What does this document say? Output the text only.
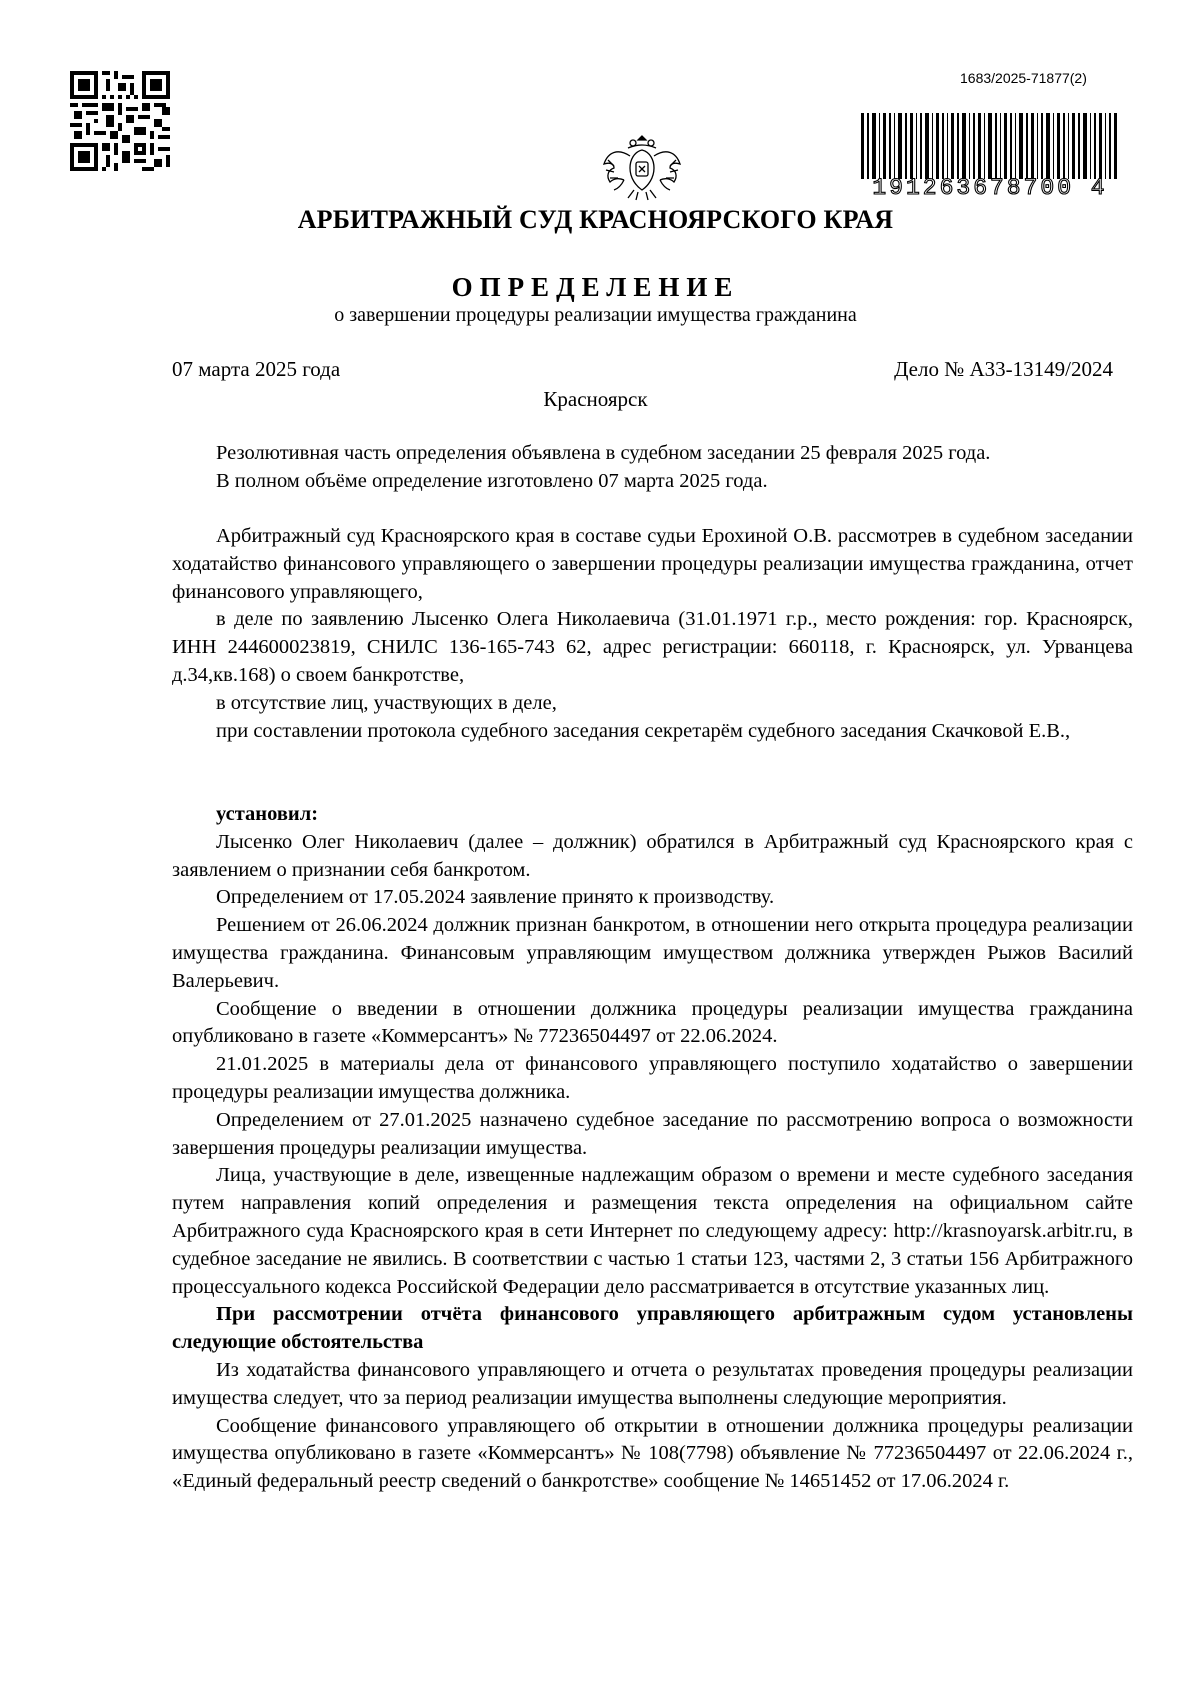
1683/2025-71877(2)
191263678700 4
АРБИТРАЖНЫЙ СУД КРАСНОЯРСКОГО КРАЯ
ОПРЕДЕЛЕНИЕ
о завершении процедуры реализации имущества гражданина
07 марта 2025 года	Дело № А33-13149/2024
Красноярск

Резолютивная часть определения объявлена в судебном заседании 25 февраля 2025 года.

В полном объёме определение изготовлено 07 марта 2025 года.

Арбитражный суд Красноярского края в составе судьи Ерохиной О.В. рассмотрев в судебном заседании ходатайство финансового управляющего о завершении процедуры реализации имущества гражданина, отчет финансового управляющего,

в деле по заявлению Лысенко Олега Николаевича (31.01.1971 г.р., место рождения: гор. Красноярск, ИНН 244600023819, СНИЛС 136-165-743 62, адрес регистрации: 660118, г. Красноярск, ул. Урванцева д.34,кв.168) о своем банкротстве,

в отсутствие лиц, участвующих в деле,

при составлении протокола судебного заседания секретарём судебного заседания Скачковой Е.В.,

установил:

Лысенко Олег Николаевич (далее – должник) обратился в Арбитражный суд Красноярского края с заявлением о признании себя банкротом.

Определением от 17.05.2024 заявление принято к производству.

Решением от 26.06.2024 должник признан банкротом, в отношении него открыта процедура реализации имущества гражданина. Финансовым управляющим имуществом должника утвержден Рыжов Василий Валерьевич.

Сообщение о введении в отношении должника процедуры реализации имущества гражданина опубликовано в газете «Коммерсантъ» № 77236504497 от 22.06.2024.

21.01.2025 в материалы дела от финансового управляющего поступило ходатайство о завершении процедуры реализации имущества должника.

Определением от 27.01.2025 назначено судебное заседание по рассмотрению вопроса о возможности завершения процедуры реализации имущества.

Лица, участвующие в деле, извещенные надлежащим образом о времени и месте судебного заседания путем направления копий определения и размещения текста определения на официальном сайте Арбитражного суда Красноярского края в сети Интернет по следующему адресу: http://krasnoyarsk.arbitr.ru, в судебное заседание не явились. В соответствии с частью 1 статьи 123, частями 2, 3 статьи 156 Арбитражного процессуального кодекса Российской Федерации дело рассматривается в отсутствие указанных лиц.

При рассмотрении отчёта финансового управляющего арбитражным судом установлены следующие обстоятельства

Из ходатайства финансового управляющего и отчета о результатах проведения процедуры реализации имущества следует, что за период реализации имущества выполнены следующие мероприятия.

Сообщение финансового управляющего об открытии в отношении должника процедуры реализации имущества опубликовано в газете «Коммерсантъ» № 108(7798) объявление № 77236504497 от 22.06.2024 г., «Единый федеральный реестр сведений о банкротстве» сообщение № 14651452 от 17.06.2024 г.
